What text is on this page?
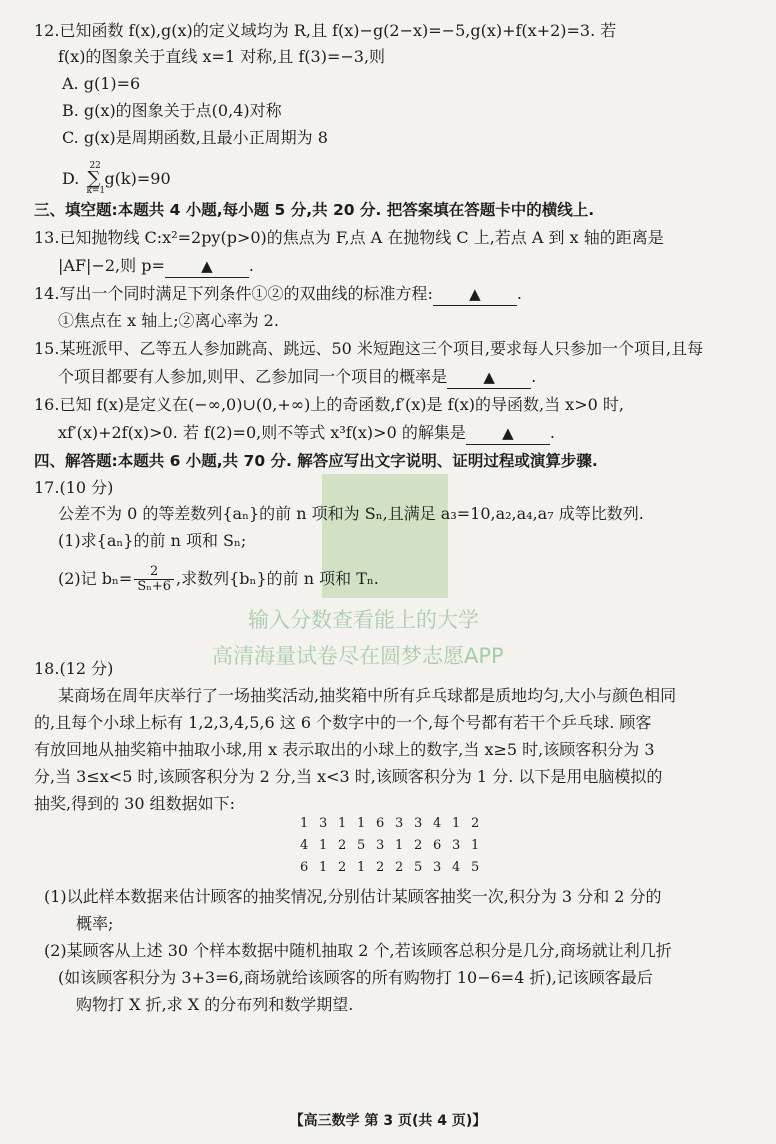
12.已知函数 f(x),g(x)的定义域均为 R,且 f(x)−g(2−x)=−5,g(x)+f(x+2)=3. 若
f(x)的图象关于直线 x=1 对称,且 f(3)=−3,则
A. g(1)=6
B. g(x)的图象关于点(0,4)对称
C. g(x)是周期函数,且最小正周期为 8
D.
22
∑
k=1
g(k)=90
三、填空题:本题共 4 小题,每小题 5 分,共 20 分. 把答案填在答题卡中的横线上.
13.已知抛物线 C:x²=2py(p>0)的焦点为 F,点 A 在抛物线 C 上,若点 A 到 x 轴的距离是
|AF|−2,则 p= ▲ .
14.写出一个同时满足下列条件①②的双曲线的标准方程: ▲ .
①焦点在 x 轴上;②离心率为 2.
15.某班派甲、乙等五人参加跳高、跳远、50 米短跑这三个项目,要求每人只参加一个项目,且每
个项目都要有人参加,则甲、乙参加同一个项目的概率是 ▲ .
16.已知 f(x)是定义在(−∞,0)∪(0,+∞)上的奇函数,f′(x)是 f(x)的导函数,当 x>0 时,
xf′(x)+2f(x)>0. 若 f(2)=0,则不等式 x³f(x)>0 的解集是 ▲ .
四、解答题:本题共 6 小题,共 70 分. 解答应写出文字说明、证明过程或演算步骤.
17.(10 分)
输入分数查看能上的大学
高清海量试卷尽在圆梦志愿APP
公差不为 0 的等差数列{aₙ}的前 n 项和为 Sₙ,且满足 a₃=10,a₂,a₄,a₇ 成等比数列.
(1)求{aₙ}的前 n 项和 Sₙ;
(2)记 $b_n= \frac{2}{\text{Sₙ+6}}$ ,求数列{bₙ}的前 n 项和 Tₙ.
18.(12 分)
某商场在周年庆举行了一场抽奖活动,抽奖箱中所有乒乓球都是质地均匀,大小与颜色相同
的,且每个小球上标有 1,2,3,4,5,6 这 6 个数字中的一个,每个号都有若干个乒乓球. 顾客
有放回地从抽奖箱中抽取小球,用 x 表示取出的小球上的数字,当 x≥5 时,该顾客积分为 3
分,当 3≤x<5 时,该顾客积分为 2 分,当 x<3 时,该顾客积分为 1 分. 以下是用电脑模拟的
抽奖,得到的 30 组数据如下:
1 3 1 1 6 3 3 4 1 2
4 1 2 5 3 1 2 6 3 1
6 1 2 1 2 2 5 3 4 5
(1)以此样本数据来估计顾客的抽奖情况,分别估计某顾客抽奖一次,积分为 3 分和 2 分的
概率;
(2)某顾客从上述 30 个样本数据中随机抽取 2 个,若该顾客总积分是几分,商场就让利几折
(如该顾客积分为 3+3=6,商场就给该顾客的所有购物打 10−6=4 折),记该顾客最后
购物打 X 折,求 X 的分布列和数学期望.
【高三数学 第 3 页(共 4 页)】
